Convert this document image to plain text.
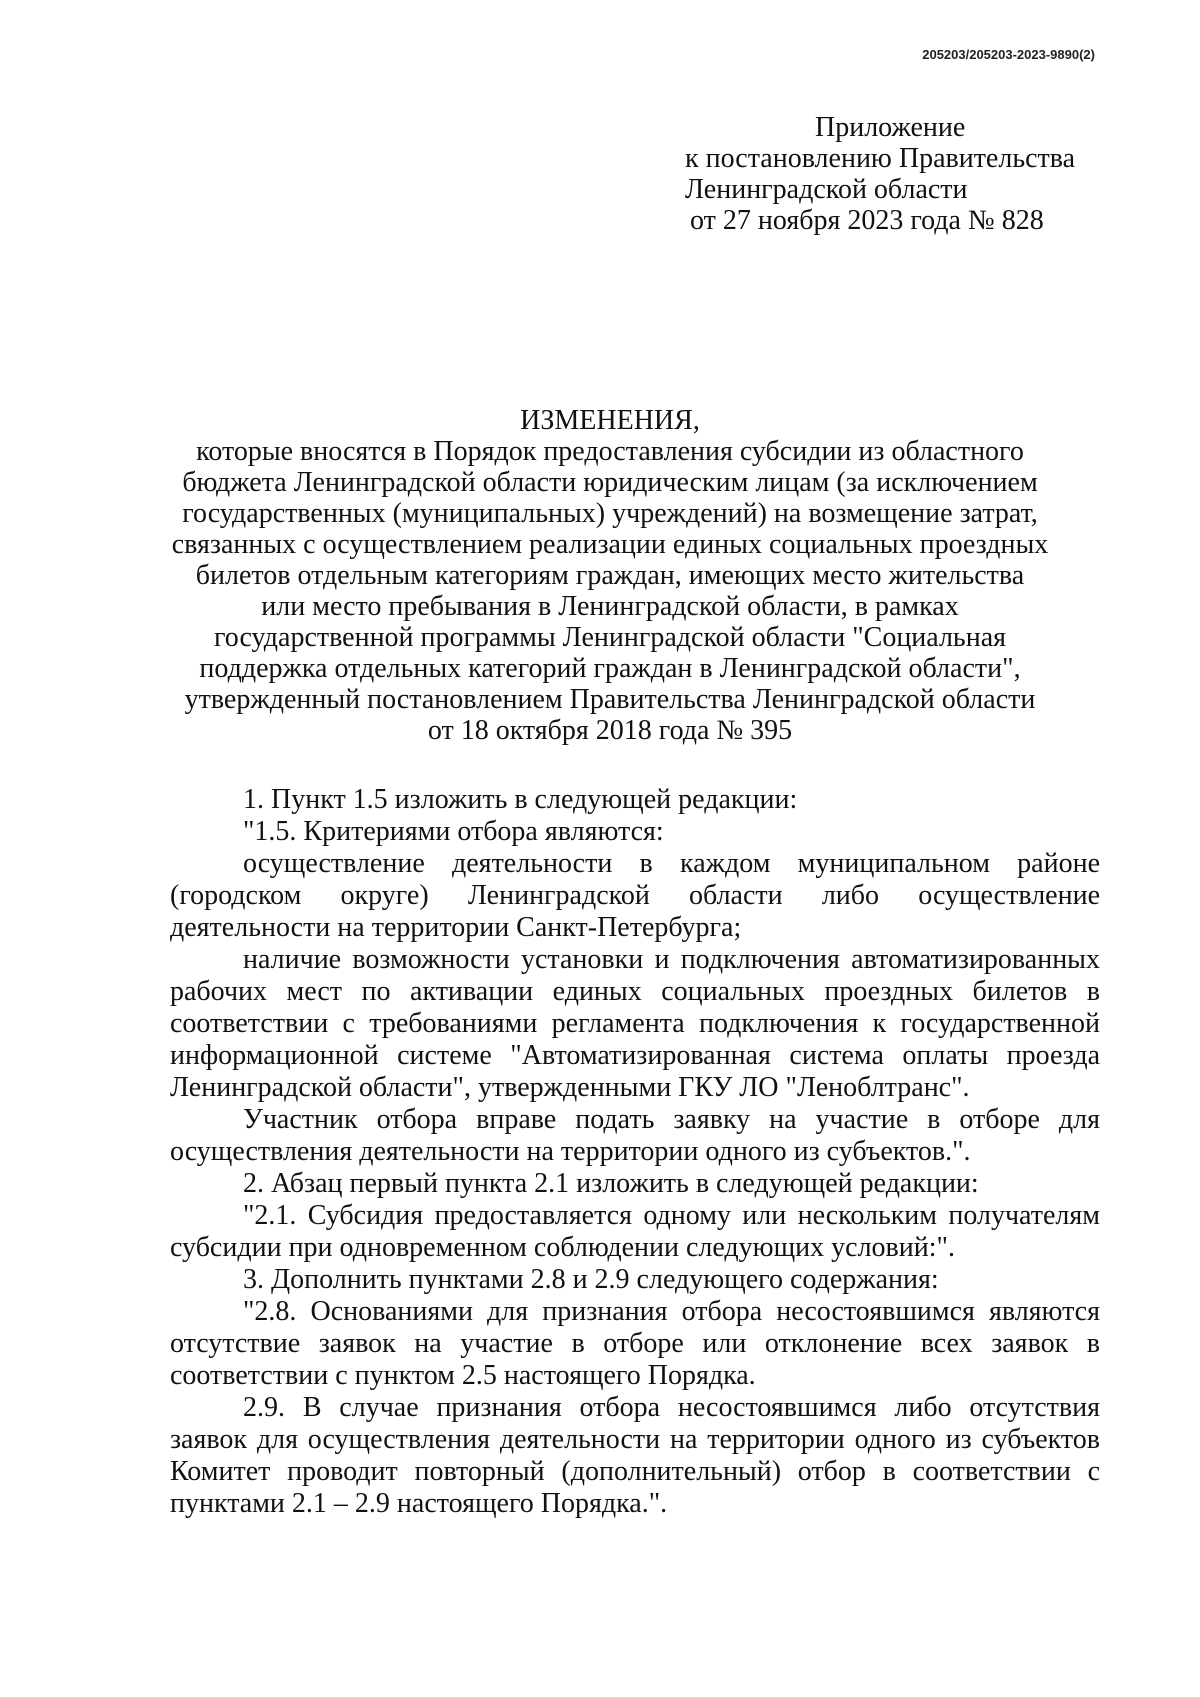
205203/205203-2023-9890(2)
Приложение
к постановлению Правительства
Ленинградской области
от 27 ноября 2023 года № 828
ИЗМЕНЕНИЯ,
которые вносятся в Порядок предоставления субсидии из областного
бюджета Ленинградской области юридическим лицам (за исключением
государственных (муниципальных) учреждений) на возмещение затрат,
связанных с осуществлением реализации единых социальных проездных
билетов отдельным категориям граждан, имеющих место жительства
или место пребывания в Ленинградской области, в рамках
государственной программы Ленинградской области "Социальная
поддержка отдельных категорий граждан в Ленинградской области",
утвержденный постановлением Правительства Ленинградской области
от 18 октября 2018 года № 395

1. Пункт 1.5 изложить в следующей редакции:

"1.5. Критериями отбора являются:

осуществление деятельности в каждом муниципальном районе (городском округе) Ленинградской области либо осуществление деятельности на территории Санкт-Петербурга;

наличие возможности установки и подключения автоматизированных рабочих мест по активации единых социальных проездных билетов в соответствии с требованиями регламента подключения к государственной информационной системе "Автоматизированная система оплаты проезда Ленинградской области", утвержденными ГКУ ЛО "Леноблтранс".

Участник отбора вправе подать заявку на участие в отборе для осуществления деятельности на территории одного из субъектов.".

2. Абзац первый пункта 2.1 изложить в следующей редакции:

"2.1. Субсидия предоставляется одному или нескольким получателям субсидии при одновременном соблюдении следующих условий:".

3. Дополнить пунктами 2.8 и 2.9 следующего содержания:

"2.8. Основаниями для признания отбора несостоявшимся являются отсутствие заявок на участие в отборе или отклонение всех заявок в соответствии с пунктом 2.5 настоящего Порядка.

2.9. В случае признания отбора несостоявшимся либо отсутствия заявок для осуществления деятельности на территории одного из субъектов Комитет проводит повторный (дополнительный) отбор в соответствии с пунктами 2.1 – 2.9 настоящего Порядка.".
